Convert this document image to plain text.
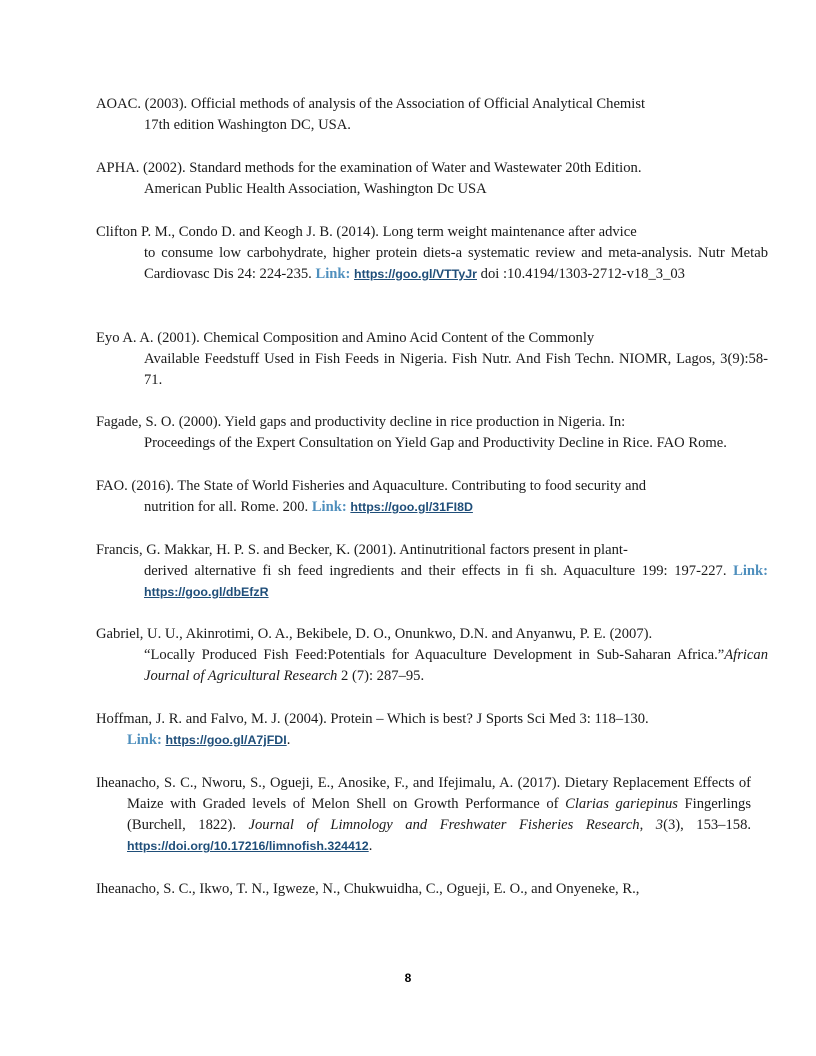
AOAC. (2003). Official methods of analysis of the Association of Official Analytical Chemist
17th edition Washington DC, USA.
APHA. (2002). Standard methods for the examination of Water and Wastewater 20th Edition.
American Public Health Association, Washington Dc USA
Clifton P. M., Condo D. and Keogh J. B. (2014). Long term weight maintenance after advice
to consume low carbohydrate, higher protein diets-a systematic review and meta-analysis. Nutr Metab Cardiovasc Dis 24: 224-235. Link: https://goo.gl/VTTyJr doi :10.4194/1303-2712-v18_3_03
Eyo A. A. (2001). Chemical Composition and Amino Acid Content of the Commonly
Available Feedstuff Used in Fish Feeds in Nigeria. Fish Nutr. And Fish Techn. NIOMR, Lagos, 3(9):58-71.
Fagade, S. O. (2000). Yield gaps and productivity decline in rice production in Nigeria. In:
Proceedings of the Expert Consultation on Yield Gap and Productivity Decline in Rice. FAO Rome.
FAO. (2016). The State of World Fisheries and Aquaculture. Contributing to food security and
nutrition for all. Rome. 200. Link: https://goo.gl/31FI8D
Francis, G. Makkar, H. P. S. and Becker, K. (2001). Antinutritional factors present in plant-
derived alternative fi sh feed ingredients and their effects in fi sh. Aquaculture 199: 197-227. Link: https://goo.gl/dbEfzR
Gabriel, U. U., Akinrotimi, O. A., Bekibele, D. O., Onunkwo, D.N. and Anyanwu, P. E. (2007).
“Locally Produced Fish Feed:Potentials for Aquaculture Development in Sub-Saharan Africa.”African Journal of Agricultural Research 2 (7): 287–95.
Hoffman, J. R. and Falvo, M. J. (2004). Protein – Which is best? J Sports Sci Med 3: 118–130.
Link: https://goo.gl/A7jFDI.
Iheanacho, S. C., Nworu, S., Ogueji, E., Anosike, F., and Ifejimalu, A. (2017). Dietary Replacement Effects of Maize with Graded levels of Melon Shell on Growth Performance of Clarias gariepinus Fingerlings (Burchell, 1822). Journal of Limnology and Freshwater Fisheries Research, 3(3), 153–158. https://doi.org/10.17216/limnofish.324412.
Iheanacho, S. C., Ikwo, T. N., Igweze, N., Chukwuidha, C., Ogueji, E. O., and Onyeneke, R.,
8
